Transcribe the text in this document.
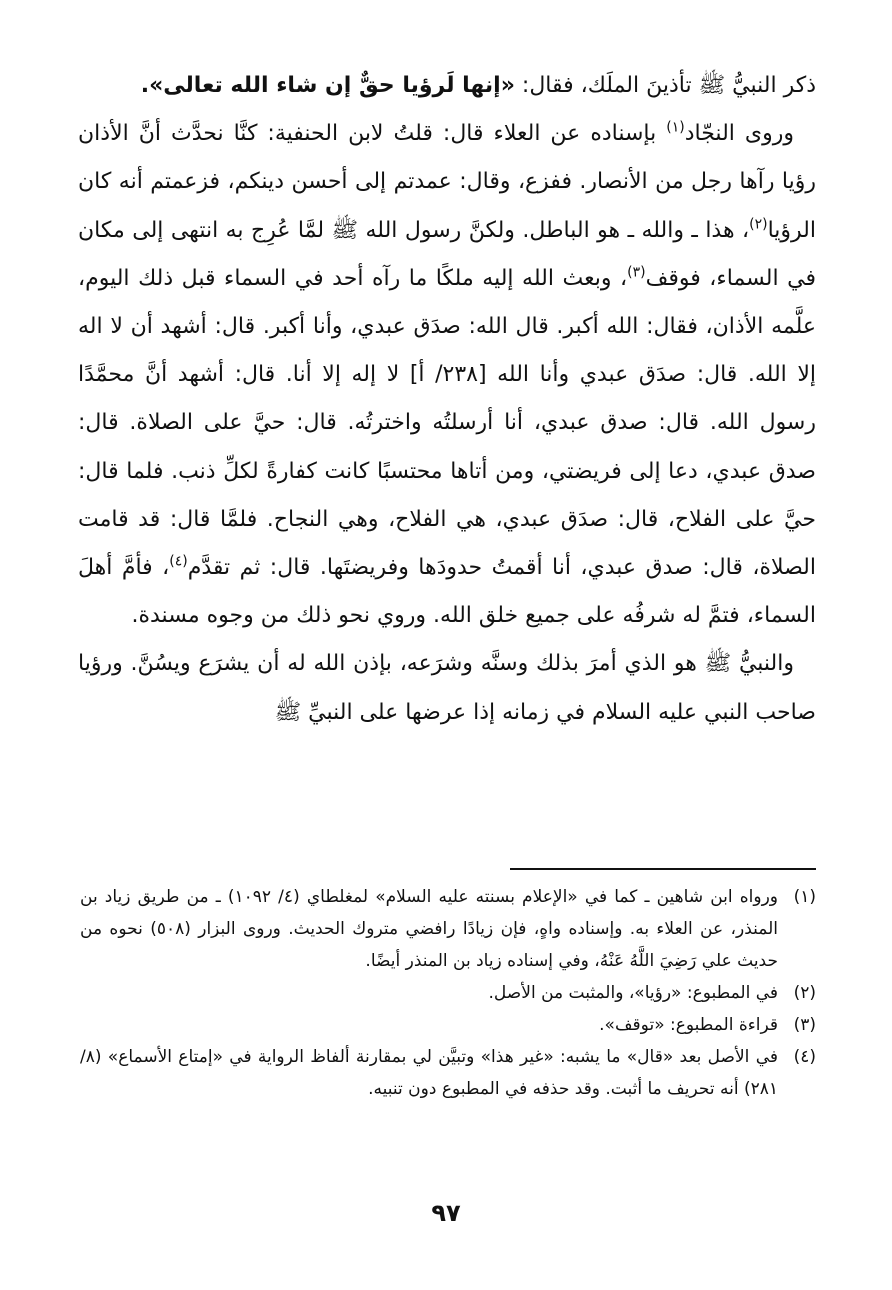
ذكر النبيُّ ﷺ تأذينَ الملَك، فقال: «إنها لَرؤيا حقٌّ إن شاء الله تعالى».

وروى النجّاد$^{(١)}$ بإسناده عن العلاء قال: قلتُ لابن الحنفية: كنَّا نحدَّث أنَّ الأذان رؤيا رآها رجل من الأنصار. ففزع، وقال: عمدتم إلى أحسن دينكم، فزعمتم أنه كان الرؤيا$^{(٢)}$، هذا ـ والله ـ هو الباطل. ولكنَّ رسول الله ﷺ لمَّا عُرِج به انتهى إلى مكان في السماء، فوقف$^{(٣)}$، وبعث الله إليه ملكًا ما رآه أحد في السماء قبل ذلك اليوم، علَّمه الأذان، فقال: الله أكبر. قال الله: صدَق عبدي، وأنا أكبر. قال: أشهد أن لا اله إلا الله. قال: صدَق عبدي وأنا الله [٢٣٨/ أ] لا إله إلا أنا. قال: أشهد أنَّ محمَّدًا رسول الله. قال: صدق عبدي، أنا أرسلتُه واخترتُه. قال: حيَّ على الصلاة. قال: صدق عبدي، دعا إلى فريضتي، ومن أتاها محتسبًا كانت كفارةً لكلِّ ذنب. فلما قال: حيَّ على الفلاح، قال: صدَق عبدي، هي الفلاح، وهي النجاح. فلمَّا قال: قد قامت الصلاة، قال: صدق عبدي، أنا أقمتُ حدودَها وفريضتَها. قال: ثم تقدَّم$^{(٤)}$، فأمَّ أهلَ السماء، فتمَّ له شرفُه على جميع خلق الله. وروي نحو ذلك من وجوه مسندة.

والنبيُّ ﷺ هو الذي أمرَ بذلك وسنَّه وشرَعه، بإذن الله له أن يشرَع ويسُنَّ. ورؤيا صاحب النبي عليه السلام في زمانه إذا عرضها على النبيِّ ﷺ

(١)
ورواه ابن شاهين ـ كما في «الإعلام بسنته عليه السلام» لمغلطاي (٤/ ١٠٩٢) ـ من طريق زياد بن المنذر، عن العلاء به. وإسناده واهٍ، فإن زيادًا رافضي متروك الحديث. وروى البزار (٥٠٨) نحوه من حديث علي رَضِيَ اللَّهُ عَنْهُ، وفي إسناده زياد بن المنذر أيضًا.
(٢)
في المطبوع: «رؤيا»، والمثبت من الأصل.
(٣)
قراءة المطبوع: «توقف».
(٤)
في الأصل بعد «قال» ما يشبه: «غير هذا» وتبيَّن لي بمقارنة ألفاظ الرواية في «إمتاع الأسماع» (٨/ ٢٨١) أنه تحريف ما أثبت. وقد حذفه في المطبوع دون تنبيه.
٩٧
